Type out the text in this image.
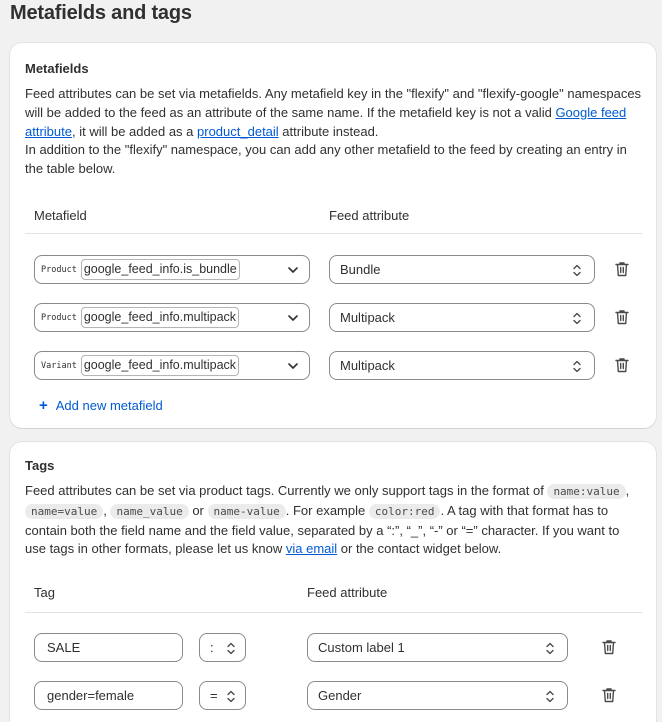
Metafields and tags
Metafields
Feed attributes can be set via metafields. Any metafield key in the "flexify" and "flexify-google" namespaces will be added to the feed as an attribute of the same name. If the metafield key is not a valid Google feed attribute, it will be added as a product_detail attribute instead.
In addition to the "flexify" namespace, you can add any other metafield to the feed by creating an entry in the table below.
Metafield	Feed attribute
Product google_feed_info.is_bundle	Bundle
Product google_feed_info.multipack	Multipack
Variant google_feed_info.multipack	Multipack
+ Add new metafield
Tags
Feed attributes can be set via product tags. Currently we only support tags in the format of name:value , name=value , name_value or name-value . For example color:red . A tag with that format has to contain both the field name and the field value, separated by a “:”, “_”, “-” or “=” character. If you want to use tags in other formats, please let us know via email or the contact widget below.
Tag	Feed attribute
SALE	:	Custom label 1
gender=female	=	Gender
